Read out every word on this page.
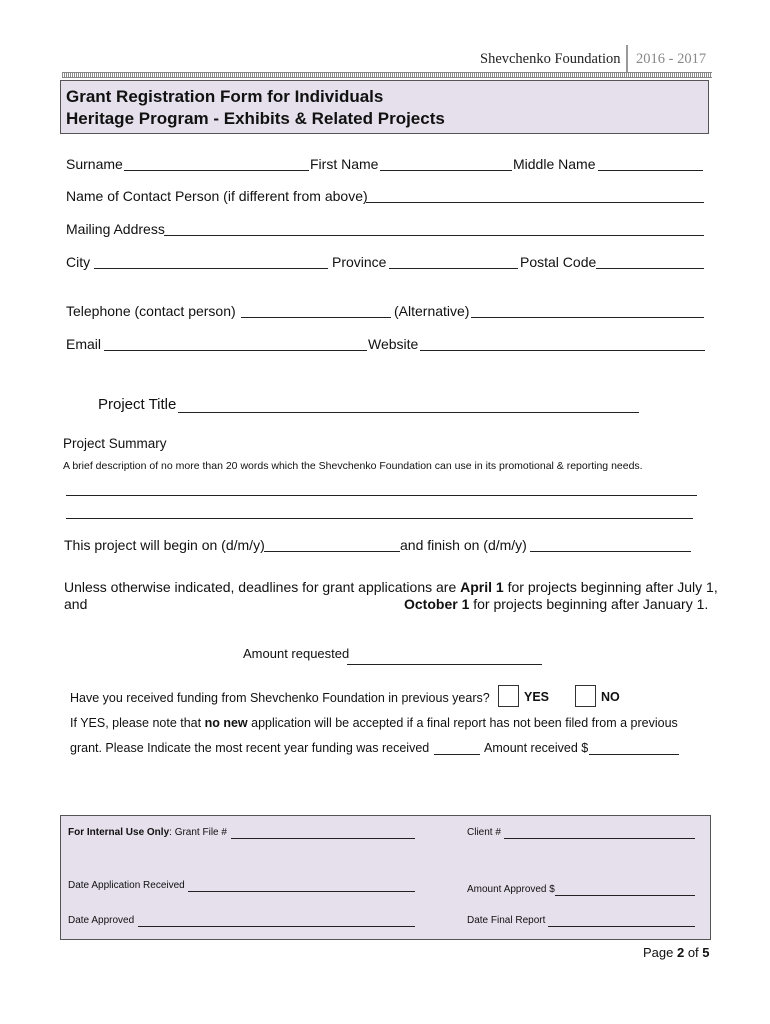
Shevchenko Foundation 2016 - 2017
Grant Registration Form for Individuals
Heritage Program - Exhibits & Related Projects
Surname	First Name	Middle Name
Name of Contact Person (if different from above)
Mailing Address
City	Province	Postal Code
Telephone (contact person)	(Alternative)
Email	Website
Project Title
Project Summary
A brief description of no more than 20 words which the Shevchenko Foundation can use in its promotional & reporting needs.
This project will begin on (d/m/y)	and finish on (d/m/y)
Unless otherwise indicated, deadlines for grant applications are April 1 for projects beginning after July 1,
and	October 1 for projects beginning after January 1.
Amount requested
Have you received funding from Shevchenko Foundation in previous years?	YES	NO
If YES, please note that no new application will be accepted if a final report has not been filed from a previous
grant. Please Indicate the most recent year funding was received	Amount received $
For Internal Use Only: Grant File #	Client #
Date Application Received	Amount Approved $
Date Approved	Date Final Report
Page 2 of 5
